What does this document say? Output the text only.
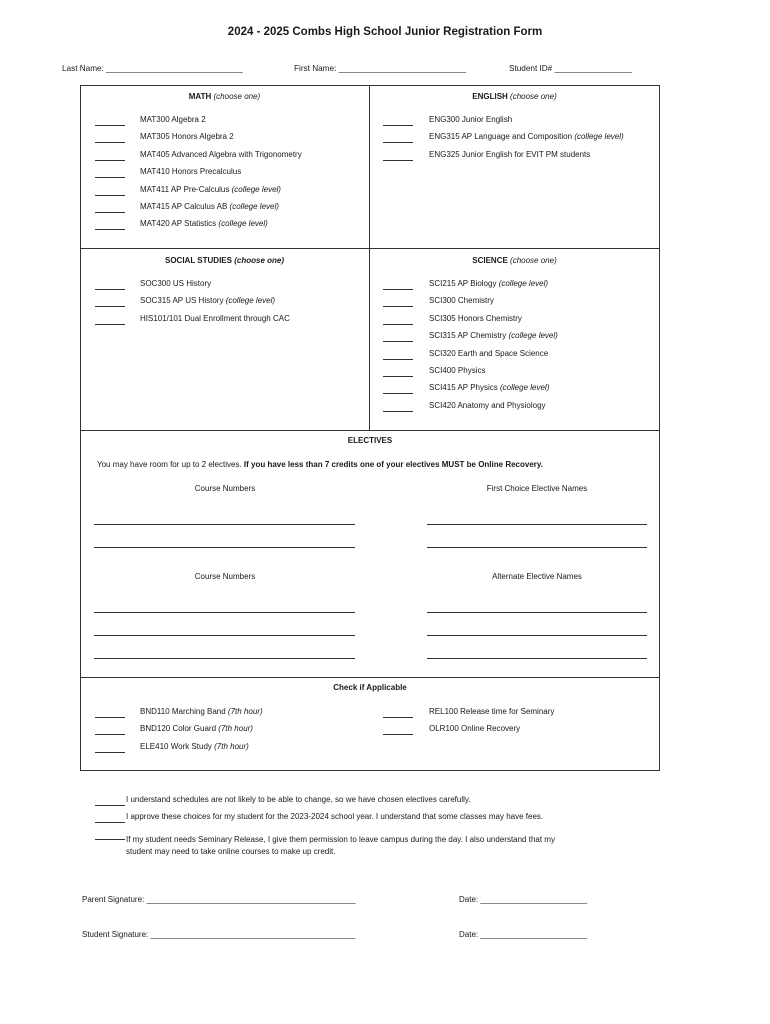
2024 - 2025 Combs High School Junior Registration Form
Last Name: ______________________________	First Name: ____________________________	Student ID# _________________
MATH (choose one)
MAT300 Algebra 2
MAT305 Honors Algebra 2
MAT405 Advanced Algebra with Trigonometry
MAT410 Honors Precalculus
MAT411 AP Pre-Calculus (college level)
MAT415 AP Calculus AB (college level)
MAT420 AP Statistics (college level)
ENGLISH (choose one)
ENG300 Junior English
ENG315 AP Language and Composition (college level)
ENG325 Junior English for EVIT PM students
SOCIAL STUDIES (choose one)
SOC300 US History
SOC315 AP US History (college level)
HIS101/101 Dual Enrollment through CAC
SCIENCE (choose one)
SCI215 AP Biology (college level)
SCI300 Chemistry
SCI305 Honors Chemistry
SCI315 AP Chemistry (college level)
SCI320 Earth and Space Science
SCI400 Physics
SCI415 AP Physics (college level)
SCI420 Anatomy and Physiology
ELECTIVES
You may have room for up to 2 electives. If you have less than 7 credits one of your electives MUST be Online Recovery.
Course Numbers	First Choice Elective Names
Course Numbers	Alternate Elective Names
Check if Applicable
BND110 Marching Band (7th hour)
BND120 Color Guard (7th hour)
ELE410 Work Study (7th hour)
REL100 Release time for Seminary
OLR100 Online Recovery
I understand schedules are not likely to be able to change, so we have chosen electives carefully.
I approve these choices for my student for the 2023-2024 school year. I understand that some classes may have fees.
If my student needs Seminary Release, I give them permission to leave campus during the day. I also understand that my
student may need to take online courses to make up credit.
Parent Signature: _______________________________________________	Date: ________________________
Student Signature: ______________________________________________	Date: ________________________
